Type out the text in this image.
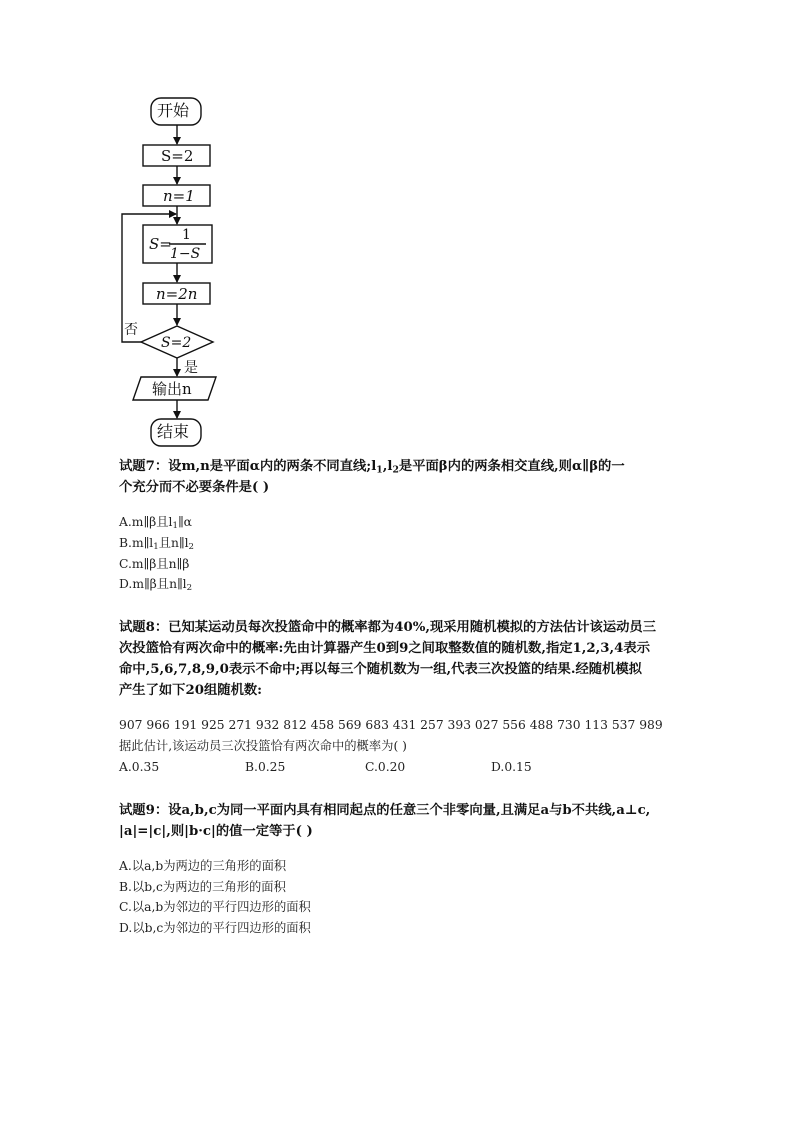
开始
S=2
n=1
S= 1
1−S
n=2n
S=2
否
是
输出n
结束

试题7：设m,n是平面α内的两条不同直线$;l_1,l_2$是平面β内的两条相交直线,则α∥β的一
个充分而不必要条件是( )

A.m∥β且$l_1\parallel\alpha$
$B.m\parallel l_1$且$n\parallel l_2$
C.m∥β且n∥β
D.m∥β且$n\parallel l_2$

试题8：已知某运动员每次投篮命中的概率都为40%,现采用随机模拟的方法估计该运动员三
次投篮恰有两次命中的概率:先由计算器产生0到9之间取整数值的随机数,指定1,2,3,4表示
命中,5,6,7,8,9,0表示不命中;再以每三个随机数为一组,代表三次投篮的结果.经随机模拟
产生了如下20组随机数:

907 966 191 925 271 932 812 458 569 683 431 257 393 027 556 488 730 113 537 989
据此估计,该运动员三次投篮恰有两次命中的概率为( )
A.0.35	B.0.25	C.0.20	D.0.15

试题9：设a,b,c为同一平面内具有相同起点的任意三个非零向量,且满足a与b不共线,a⊥c,
|a|=|c|,则|b·c|的值一定等于( )

A.以a,b为两边的三角形的面积
B.以b,c为两边的三角形的面积
C.以a,b为邻边的平行四边形的面积
D.以b,c为邻边的平行四边形的面积
